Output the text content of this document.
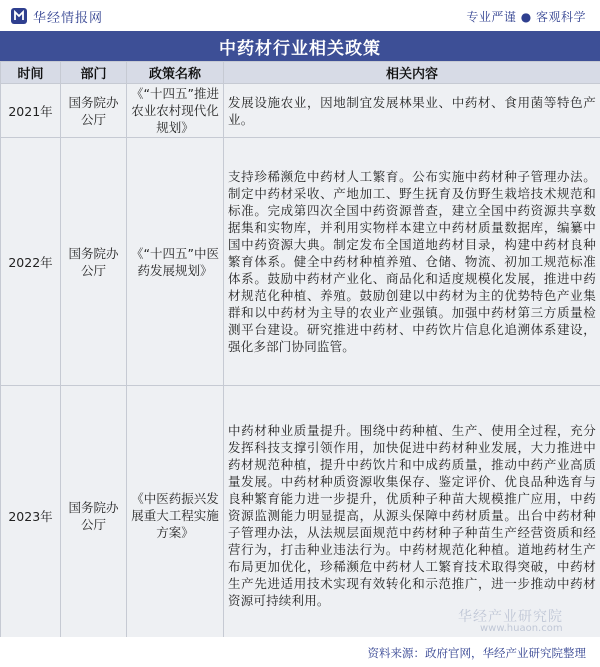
华经情报网	专业严谨 ● 客观科学
中药材行业相关政策
时间	部门	政策名称	相关内容
2021年	国务院办公厅	《“十四五”推进农业农村现代化规划》	发展设施农业，因地制宜发展林果业、中药材、食用菌等特色产业。
2022年	国务院办公厅	《“十四五”中医药发展规划》	支持珍稀濒危中药材人工繁育。公布实施中药材种子管理办法。制定中药材采收、产地加工、野生抚育及仿野生栽培技术规范和标准。完成第四次全国中药资源普查，建立全国中药资源共享数据集和实物库，并利用实物样本建立中药材质量数据库，编纂中国中药资源大典。制定发布全国道地药材目录，构建中药材良种繁育体系。健全中药材种植养殖、仓储、物流、初加工规范标准体系。鼓励中药材产业化、商品化和适度规模化发展，推进中药材规范化种植、养殖。鼓励创建以中药材为主的优势特色产业集群和以中药材为主导的农业产业强镇。加强中药材第三方质量检测平台建设。研究推进中药材、中药饮片信息化追溯体系建设，强化多部门协同监管。
2023年	国务院办公厅	《中医药振兴发展重大工程实施方案》	中药材种业质量提升。围绕中药种植、生产、使用全过程，充分发挥科技支撑引领作用，加快促进中药材种业发展，大力推进中药材规范种植，提升中药饮片和中成药质量，推动中药产业高质量发展。中药材种质资源收集保存、鉴定评价、优良品种选育与良种繁育能力进一步提升，优质种子种苗大规模推广应用，中药资源监测能力明显提高，从源头保障中药材质量。出台中药材种子管理办法，从法规层面规范中药材种子种苗生产经营资质和经营行为，打击种业违法行为。中药材规范化种植。道地药材生产布局更加优化，珍稀濒危中药材人工繁育技术取得突破，中药材生产先进适用技术实现有效转化和示范推广，进一步推动中药材资源可持续利用。
华经产业研究院
www.huaon.com
资料来源：政府官网，华经产业研究院整理
